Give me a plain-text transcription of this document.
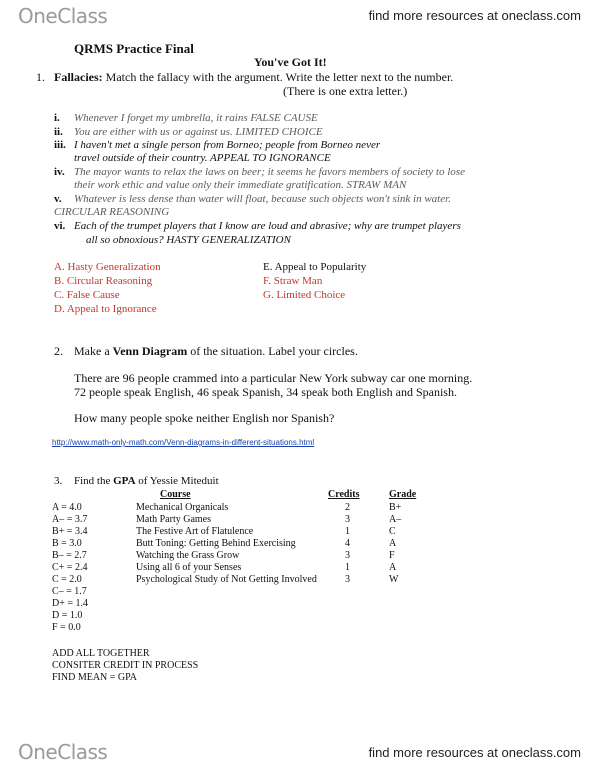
OneClass	find more resources at oneclass.com
QRMS Practice Final
You've Got It!
1. Fallacies: Match the fallacy with the argument. Write the letter next to the number.
(There is one extra letter.)
i. Whenever I forget my umbrella, it rains FALSE CAUSE
ii. You are either with us or against us. LIMITED CHOICE
iii. I haven't met a single person from Borneo; people from Borneo never
travel outside of their country. APPEAL TO IGNORANCE
iv. The mayor wants to relax the laws on beer; it seems he favors members of society to lose
their work ethic and value only their immediate gratification. STRAW MAN
v. Whatever is less dense than water will float, because such objects won't sink in water.
CIRCULAR REASONING
vi. Each of the trumpet players that I know are loud and abrasive; why are trumpet players
all so obnoxious? HASTY GENERALIZATION
A. Hasty Generalization
B. Circular Reasoning
C. False Cause
D. Appeal to Ignorance
E. Appeal to Popularity
F. Straw Man
G. Limited Choice
2. Make a Venn Diagram of the situation. Label your circles.
There are 96 people crammed into a particular New York subway car one morning.
72 people speak English, 46 speak Spanish, 34 speak both English and Spanish.
How many people spoke neither English nor Spanish?
http://www.math-only-math.com/Venn-diagrams-in-different-situations.html
3. Find the GPA of Yessie Miteduit
Course	Credits	Grade
A = 4.0
A– = 3.7
B+ = 3.4
B = 3.0
B– = 2.7
C+ = 2.4
C = 2.0
C– = 1.7
D+ = 1.4
D = 1.0
F = 0.0
Mechanical Organicals	2	B+
Math Party Games	3	A–
The Festive Art of Flatulence	1	C
Butt Toning: Getting Behind Exercising	4	A
Watching the Grass Grow	3	F
Using all 6 of your Senses	1	A
Psychological Study of Not Getting Involved	3	W
ADD ALL TOGETHER
CONSITER CREDIT IN PROCESS
FIND MEAN = GPA
OneClass	find more resources at oneclass.com
